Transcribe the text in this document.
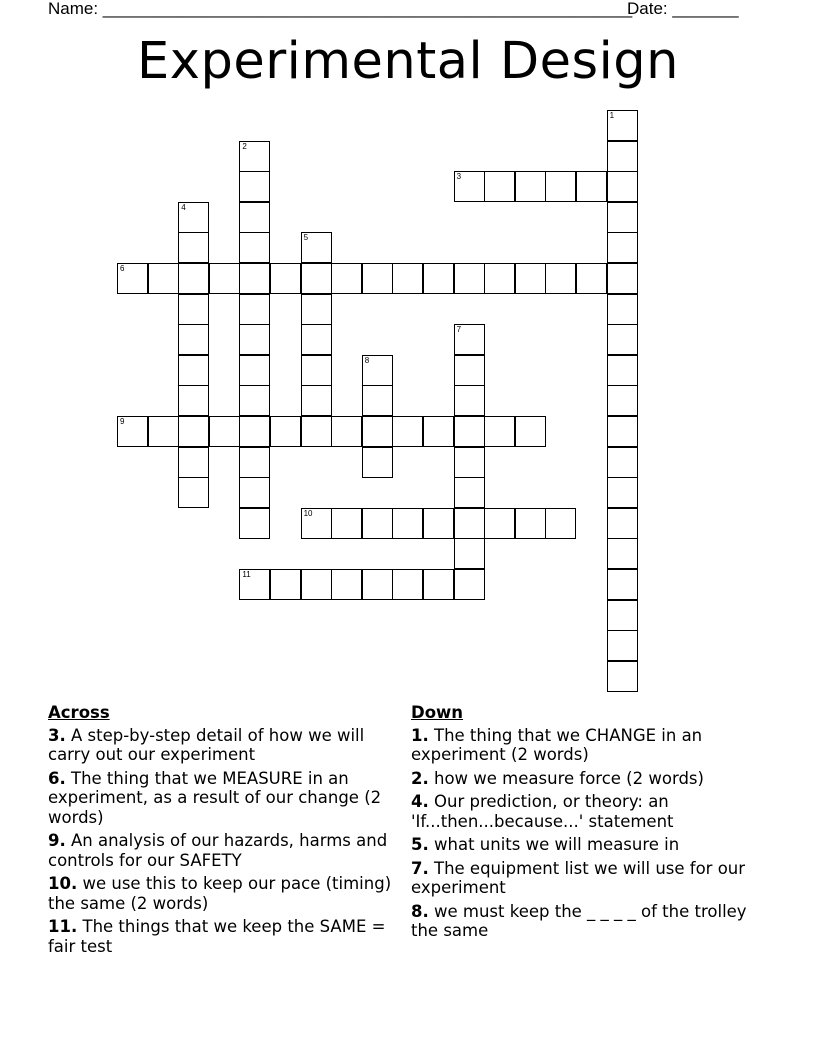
Name: ________________________________________________________
Date: _______
Experimental Design
1
2
3
4
5
6
7
8
9
10
11
Across
3. A step-by-step detail of how we will carry out our experiment
6. The thing that we MEASURE in an experiment, as a result of our change (2 words)
9. An analysis of our hazards, harms and controls for our SAFETY
10. we use this to keep our pace (timing) the same (2 words)
11. The things that we keep the SAME = fair test
Down
1. The thing that we CHANGE in an experiment (2 words)
2. how we measure force (2 words)
4. Our prediction, or theory: an 'If...then...because...' statement
5. what units we will measure in
7. The equipment list we will use for our experiment
8. we must keep the _ _ _ _ of the trolley the same
